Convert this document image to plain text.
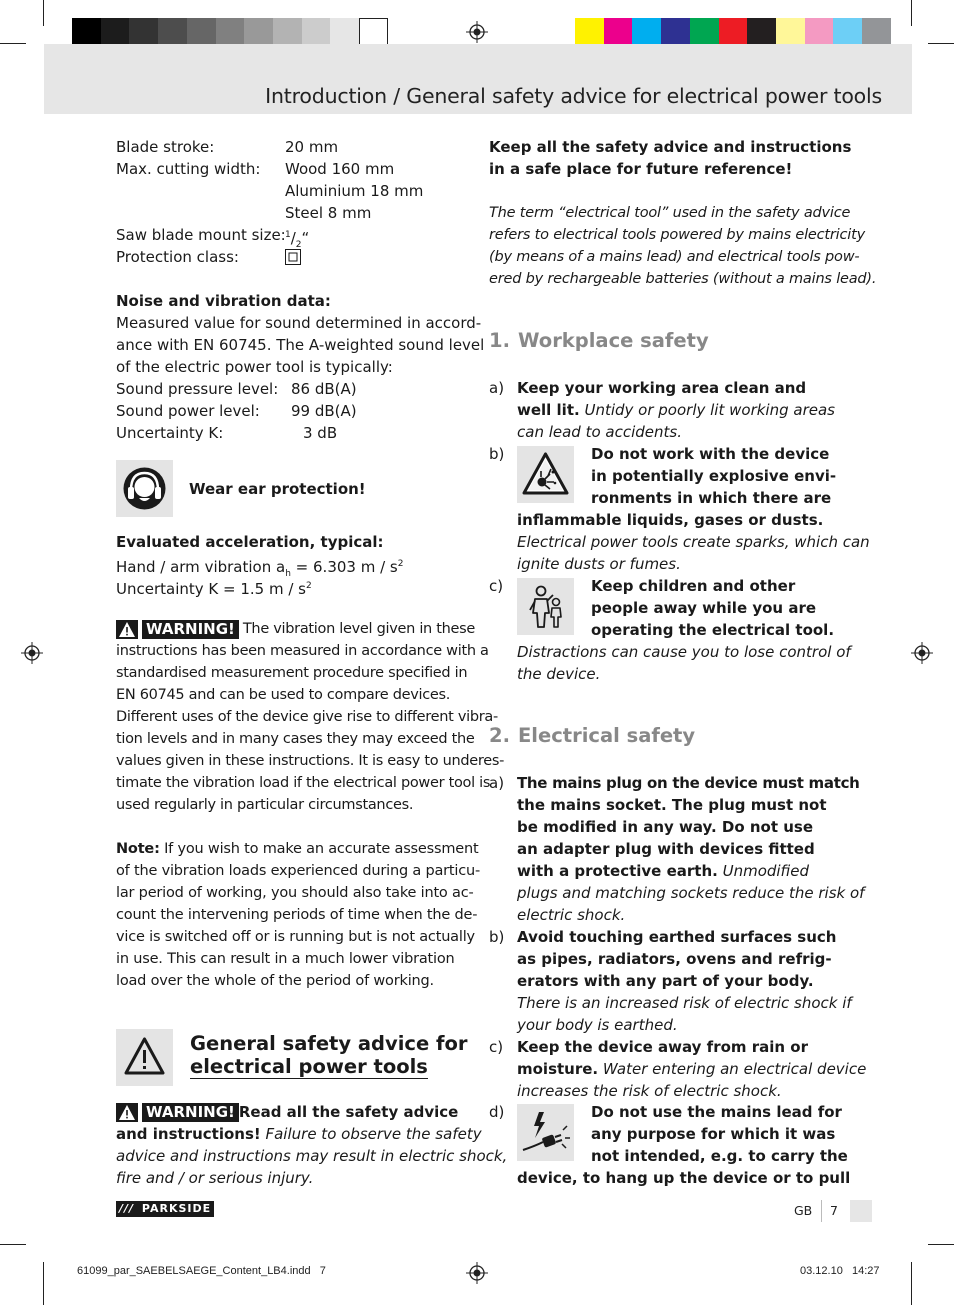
Introduction / General safety advice for electrical power tools
Blade stroke:	20 mm
Max. cutting width: Wood 160 mm
Aluminium 18 mm
Steel 8 mm
Saw blade mount size: $^1/_2“$
Protection class:
Noise and vibration data:
Measured value for sound determined in accord-
ance with EN 60745. The A-weighted sound level
of the electric power tool is typically:
Sound pressure level: 86 dB(A)
Sound power level: 99 dB(A)
Uncertainty K:	3 dB
Wear ear protection!
Evaluated acceleration, typical:
Hand / arm vibration $a_h = 6.303$ m / $s^2$
Uncertainty K = 1.5 m / $s^2$
WARNING! The vibration level given in these
instructions has been measured in accordance with a
standardised measurement procedure specified in
EN 60745 and can be used to compare devices.
Different uses of the device give rise to different vibra-
tion levels and in many cases they may exceed the
values given in these instructions. It is easy to underes-
timate the vibration load if the electrical power tool is
used regularly in particular circumstances.
Note: If you wish to make an accurate assessment
of the vibration loads experienced during a particu-
lar period of working, you should also take into ac-
count the intervening periods of time when the de-
vice is switched off or is running but is not actually
in use. This can result in a much lower vibration
load over the whole of the period of working.
General safety advice for
electrical power tools
WARNING! Read all the safety advice
and instructions! Failure to observe the safety
advice and instructions may result in electric shock,
fire and / or serious injury.
Keep all the safety advice and instructions
in a safe place for future reference!
The term “electrical tool” used in the safety advice
refers to electrical tools powered by mains electricity
(by means of a mains lead) and electrical tools pow-
ered by rechargeable batteries (without a mains lead).
1. Workplace safety
a) Keep your working area clean and
well lit. Untidy or poorly lit working areas
can lead to accidents.
b)	Do not work with the device
in potentially explosive envi-
ronments in which there are
inflammable liquids, gases or dusts.
Electrical power tools create sparks, which can
ignite dusts or fumes.
c)	Keep children and other
people away while you are
operating the electrical tool.
Distractions can cause you to lose control of
the device.
2. Electrical safety
a) The mains plug on the device must match
the mains socket. The plug must not
be modified in any way. Do not use
an adapter plug with devices fitted
with a protective earth. Unmodified
plugs and matching sockets reduce the risk of
electric shock.
b) Avoid touching earthed surfaces such
as pipes, radiators, ovens and refrig-
erators with any part of your body.
There is an increased risk of electric shock if
your body is earthed.
c) Keep the device away from rain or
moisture. Water entering an electrical device
increases the risk of electric shock.
d)	Do not use the mains lead for
any purpose for which it was
not intended, e.g. to carry the
device, to hang up the device or to pull
/// PARKSIDE	GB 7
61099_par_SAEBELSAEGE_Content_LB4.indd   7	03.12.10   14:27
